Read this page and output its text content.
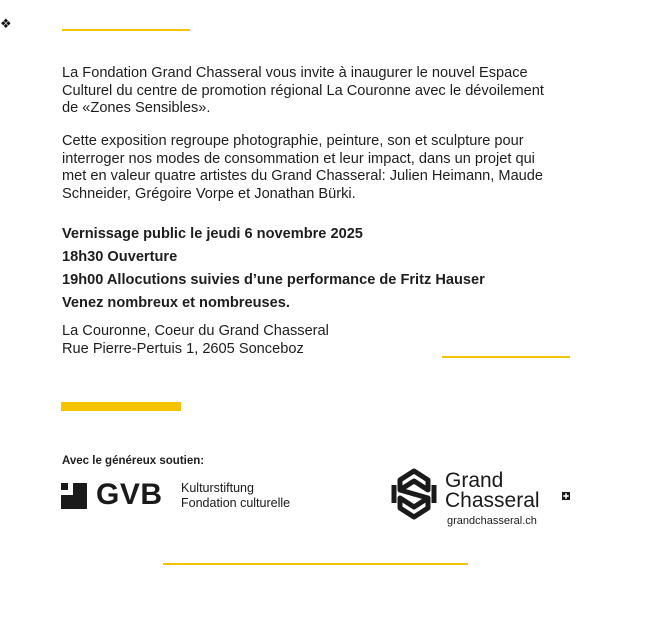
❖

La Fondation Grand Chasseral vous invite à inaugurer le nouvel Espace Culturel du centre de promotion régional La Couronne avec le dévoilement de «Zones Sensibles».

Cette exposition regroupe photographie, peinture, son et sculpture pour interroger nos modes de consommation et leur impact, dans un projet qui met en valeur quatre artistes du Grand Chasseral: Julien Heimann, Maude Schneider, Grégoire Vorpe et Jonathan Bürki.

Vernissage public le jeudi 6 novembre 2025

18h30 Ouverture

19h00 Allocutions suivies d’une performance de Fritz Hauser

Venez nombreux et nombreuses.

La Couronne, Coeur du Grand Chasseral

Rue Pierre-Pertuis 1, 2605 Sonceboz

Avec le généreux soutien:
GVB Kulturstiftung
Fondation culturelle
Grand
Chasseral
grandchasseral.ch
